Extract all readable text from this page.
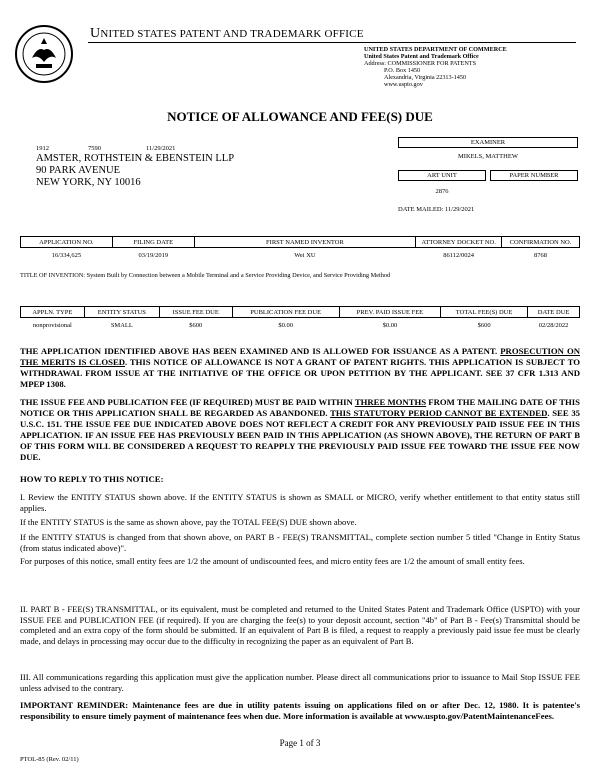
UNITED STATES PATENT AND TRADEMARK OFFICE
UNITED STATES DEPARTMENT OF COMMERCE
United States Patent and Trademark Office
Address: COMMISSIONER FOR PATENTS
P.O. Box 1450
Alexandria, Virginia 22313-1450
www.uspto.gov
NOTICE OF ALLOWANCE AND FEE(S) DUE
1912	7590	11/29/2021
AMSTER, ROTHSTEIN & EBENSTEIN LLP
90 PARK AVENUE
NEW YORK, NY 10016
EXAMINER
MIKELS, MATTHEW
ART UNIT	PAPER NUMBER
2876
DATE MAILED: 11/29/2021
APPLICATION NO.	FILING DATE	FIRST NAMED INVENTOR	ATTORNEY DOCKET NO.	CONFIRMATION NO.
16/334,625	03/19/2019	Wei XU	86112/0024	8768
TITLE OF INVENTION: System Built by Connection between a Mobile Terminal and a Service Providing Device, and Service Providing Method
APPLN. TYPE	ENTITY STATUS	ISSUE FEE DUE	PUBLICATION FEE DUE	PREV. PAID ISSUE FEE	TOTAL FEE(S) DUE	DATE DUE
nonprovisional	SMALL	$600	$0.00	$0.00	$600	02/28/2022
THE APPLICATION IDENTIFIED ABOVE HAS BEEN EXAMINED AND IS ALLOWED FOR ISSUANCE AS A PATENT. PROSECUTION ON THE MERITS IS CLOSED. THIS NOTICE OF ALLOWANCE IS NOT A GRANT OF PATENT RIGHTS. THIS APPLICATION IS SUBJECT TO WITHDRAWAL FROM ISSUE AT THE INITIATIVE OF THE OFFICE OR UPON PETITION BY THE APPLICANT. SEE 37 CFR 1.313 AND MPEP 1308.
THE ISSUE FEE AND PUBLICATION FEE (IF REQUIRED) MUST BE PAID WITHIN THREE MONTHS FROM THE MAILING DATE OF THIS NOTICE OR THIS APPLICATION SHALL BE REGARDED AS ABANDONED. THIS STATUTORY PERIOD CANNOT BE EXTENDED. SEE 35 U.S.C. 151. THE ISSUE FEE DUE INDICATED ABOVE DOES NOT REFLECT A CREDIT FOR ANY PREVIOUSLY PAID ISSUE FEE IN THIS APPLICATION. IF AN ISSUE FEE HAS PREVIOUSLY BEEN PAID IN THIS APPLICATION (AS SHOWN ABOVE), THE RETURN OF PART B OF THIS FORM WILL BE CONSIDERED A REQUEST TO REAPPLY THE PREVIOUSLY PAID ISSUE FEE TOWARD THE ISSUE FEE NOW DUE.
HOW TO REPLY TO THIS NOTICE:
I. Review the ENTITY STATUS shown above. If the ENTITY STATUS is shown as SMALL or MICRO, verify whether entitlement to that entity status still applies.
If the ENTITY STATUS is the same as shown above, pay the TOTAL FEE(S) DUE shown above.
If the ENTITY STATUS is changed from that shown above, on PART B - FEE(S) TRANSMITTAL, complete section number 5 titled "Change in Entity Status (from status indicated above)".
For purposes of this notice, small entity fees are 1/2 the amount of undiscounted fees, and micro entity fees are 1/2 the amount of small entity fees.
II. PART B - FEE(S) TRANSMITTAL, or its equivalent, must be completed and returned to the United States Patent and Trademark Office (USPTO) with your ISSUE FEE and PUBLICATION FEE (if required). If you are charging the fee(s) to your deposit account, section "4b" of Part B - Fee(s) Transmittal should be completed and an extra copy of the form should be submitted. If an equivalent of Part B is filed, a request to reapply a previously paid issue fee must be clearly made, and delays in processing may occur due to the difficulty in recognizing the paper as an equivalent of Part B.
III. All communications regarding this application must give the application number. Please direct all communications prior to issuance to Mail Stop ISSUE FEE unless advised to the contrary.
IMPORTANT REMINDER: Maintenance fees are due in utility patents issuing on applications filed on or after Dec. 12, 1980. It is patentee's responsibility to ensure timely payment of maintenance fees when due. More information is available at www.uspto.gov/PatentMaintenanceFees.
Page 1 of 3
PTOL-85 (Rev. 02/11)
